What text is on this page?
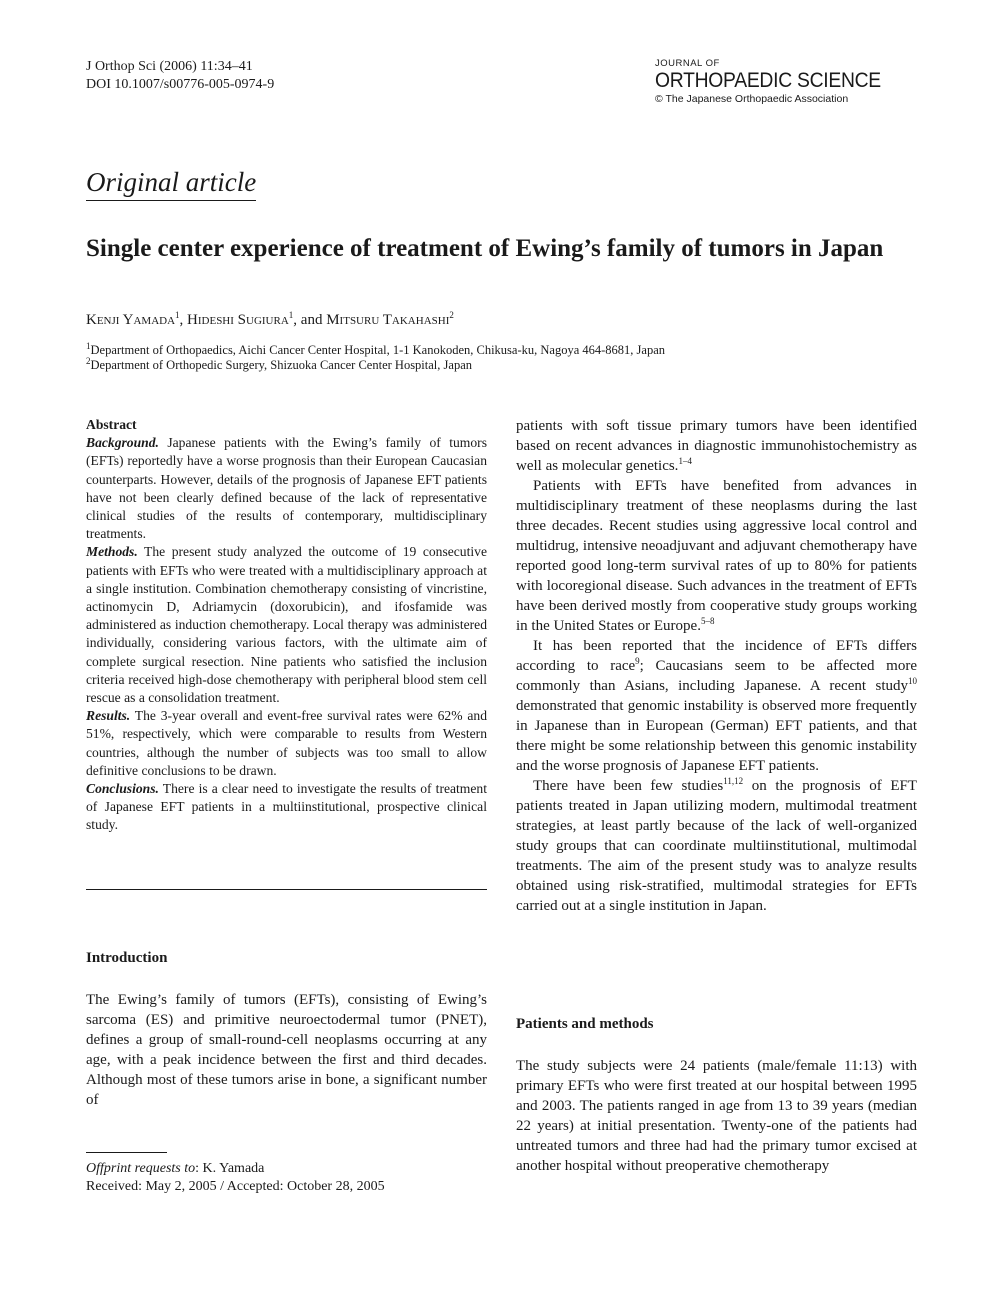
J Orthop Sci (2006) 11:34–41
DOI 10.1007/s00776-005-0974-9
JOURNAL OF
ORTHOPAEDIC SCIENCE
© The Japanese Orthopaedic Association
Original article
Single center experience of treatment of Ewing’s family of tumors in Japan
Kenji Yamada$^1$, Hideshi Sugiura$^1$, and Mitsuru Takahashi$^2$
$^1$Department of Orthopaedics, Aichi Cancer Center Hospital, 1-1 Kanokoden, Chikusa-ku, Nagoya 464-8681, Japan
$^2$Department of Orthopedic Surgery, Shizuoka Cancer Center Hospital, Japan
Abstract

Background. Japanese patients with the Ewing’s family of tumors (EFTs) reportedly have a worse prognosis than their European Caucasian counterparts. However, details of the prognosis of Japanese EFT patients have not been clearly defined because of the lack of representative clinical studies of the results of contemporary, multidisciplinary treatments.

Methods. The present study analyzed the outcome of 19 consecutive patients with EFTs who were treated with a multidisciplinary approach at a single institution. Combination chemotherapy consisting of vincristine, actinomycin D, Adriamycin (doxorubicin), and ifosfamide was administered as induction chemotherapy. Local therapy was administered individually, considering various factors, with the ultimate aim of complete surgical resection. Nine patients who satisfied the inclusion criteria received high-dose chemotherapy with peripheral blood stem cell rescue as a consolidation treatment.

Results. The 3-year overall and event-free survival rates were 62% and 51%, respectively, which were comparable to results from Western countries, although the number of subjects was too small to allow definitive conclusions to be drawn.

Conclusions. There is a clear need to investigate the results of treatment of Japanese EFT patients in a multiinstitutional, prospective clinical study.

Introduction

The Ewing’s family of tumors (EFTs), consisting of Ewing’s sarcoma (ES) and primitive neuroectodermal tumor (PNET), defines a group of small-round-cell neoplasms occurring at any age, with a peak incidence between the first and third decades. Although most of these tumors arise in bone, a significant number of

Offprint requests to: K. Yamada
Received: May 2, 2005 / Accepted: October 28, 2005

patients with soft tissue primary tumors have been identified based on recent advances in diagnostic immunohistochemistry as well as molecular genetics.$^{1-4}$

Patients with EFTs have benefited from advances in multidisciplinary treatment of these neoplasms during the last three decades. Recent studies using aggressive local control and multidrug, intensive neoadjuvant and adjuvant chemotherapy have reported good long-term survival rates of up to 80% for patients with locoregional disease. Such advances in the treatment of EFTs have been derived mostly from cooperative study groups working in the United States or Europe.$^{5-8}$

It has been reported that the incidence of EFTs differs according to race$^9$; Caucasians seem to be affected more commonly than Asians, including Japanese. A recent study$^{10}$ demonstrated that genomic instability is observed more frequently in Japanese than in European (German) EFT patients, and that there might be some relationship between this genomic instability and the worse prognosis of Japanese EFT patients.

There have been few studies$^{11,12}$ on the prognosis of EFT patients treated in Japan utilizing modern, multimodal treatment strategies, at least partly because of the lack of well-organized study groups that can coordinate multiinstitutional, multimodal treatments. The aim of the present study was to analyze results obtained using risk-stratified, multimodal strategies for EFTs carried out at a single institution in Japan.

Patients and methods

The study subjects were 24 patients (male/female 11:13) with primary EFTs who were first treated at our hospital between 1995 and 2003. The patients ranged in age from 13 to 39 years (median 22 years) at initial presentation. Twenty-one of the patients had untreated tumors and three had had the primary tumor excised at another hospital without preoperative chemotherapy
